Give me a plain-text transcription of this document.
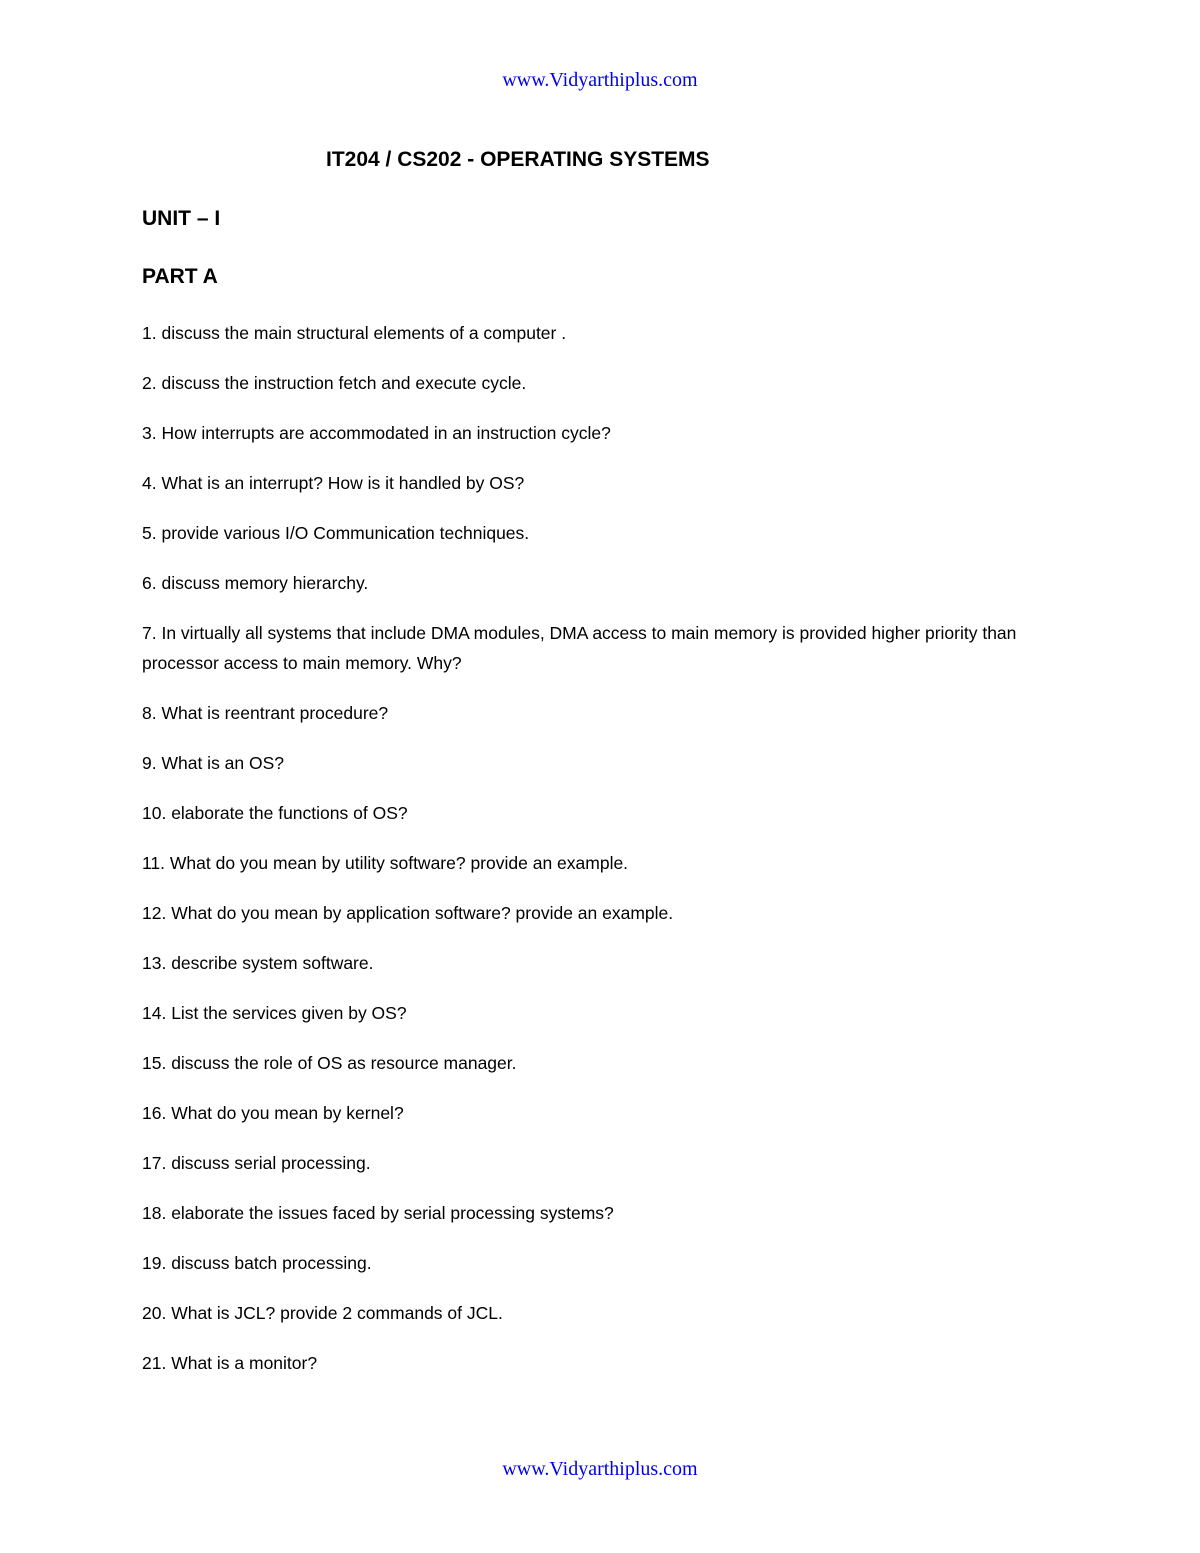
www.Vidyarthiplus.com
IT204 / CS202 - OPERATING SYSTEMS
UNIT – I
PART A
1. discuss the main structural elements of a computer .
2. discuss the instruction fetch and execute cycle.
3. How interrupts are accommodated in an instruction cycle?
4. What is an interrupt? How is it handled by OS?
5. provide various I/O Communication techniques.
6. discuss memory hierarchy.
7. In virtually all systems that include DMA modules, DMA access to main memory is provided higher priority than processor access to main memory. Why?
8. What is reentrant procedure?
9. What is an OS?
10. elaborate the functions of OS?
11. What do you mean by utility software? provide an example.
12. What do you mean by application software? provide an example.
13. describe system software.
14. List the services given by OS?
15. discuss the role of OS as resource manager.
16. What do you mean by kernel?
17. discuss serial processing.
18. elaborate the issues faced by serial processing systems?
19. discuss batch processing.
20. What is JCL? provide 2 commands of JCL.
21. What is a monitor?
www.Vidyarthiplus.com
